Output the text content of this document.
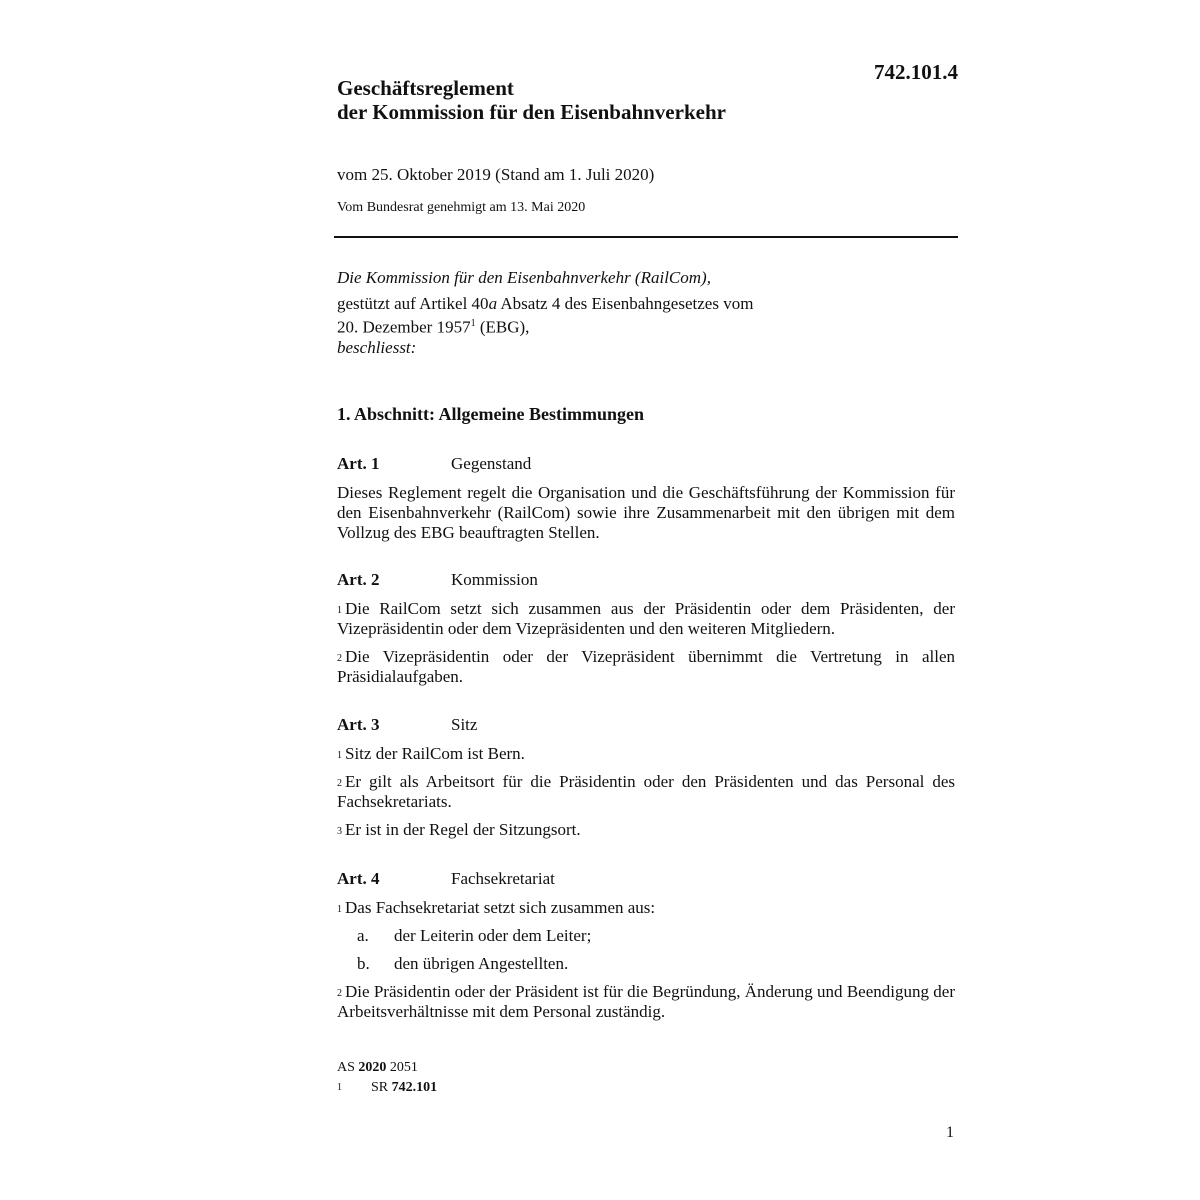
742.101.4
Geschäftsreglement
der Kommission für den Eisenbahnverkehr
vom 25. Oktober 2019 (Stand am 1. Juli 2020)
Vom Bundesrat genehmigt am 13. Mai 2020
Die Kommission für den Eisenbahnverkehr (RailCom),
gestützt auf Artikel 40a Absatz 4 des Eisenbahngesetzes vom
20. Dezember 1957$^1$ (EBG),
beschliesst:
1. Abschnitt: Allgemeine Bestimmungen
Art. 1	Gegenstand
Dieses Reglement regelt die Organisation und die Geschäftsführung der Kommission für den Eisenbahnverkehr (RailCom) sowie ihre Zusammenarbeit mit den übrigen mit dem Vollzug des EBG beauftragten Stellen.
Art. 2	Kommission
$^1$ Die RailCom setzt sich zusammen aus der Präsidentin oder dem Präsidenten, der Vizepräsidentin oder dem Vizepräsidenten und den weiteren Mitgliedern.
$^2$ Die Vizepräsidentin oder der Vizepräsident übernimmt die Vertretung in allen Präsidialaufgaben.
Art. 3	Sitz
$^1$ Sitz der RailCom ist Bern.
$^2$ Er gilt als Arbeitsort für die Präsidentin oder den Präsidenten und das Personal des Fachsekretariats.
$^3$ Er ist in der Regel der Sitzungsort.
Art. 4	Fachsekretariat
$^1$ Das Fachsekretariat setzt sich zusammen aus:
a. der Leiterin oder dem Leiter;
b. den übrigen Angestellten.
$^2$ Die Präsidentin oder der Präsident ist für die Begründung, Änderung und Beendigung der Arbeitsverhältnisse mit dem Personal zuständig.
AS 2020 2051
1 SR 742.101
1
